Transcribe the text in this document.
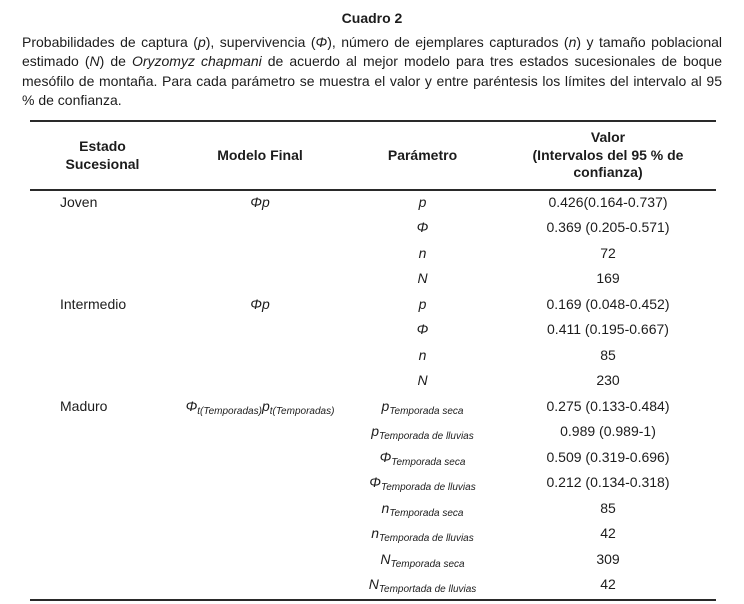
Cuadro 2

Probabilidades de captura (p), supervivencia (Φ), número de ejemplares capturados (n) y tamaño poblacional estimado (N) de Oryzomyz chapmani de acuerdo al mejor modelo para tres estados sucesionales de boque mesófilo de montaña. Para cada parámetro se muestra el valor y entre paréntesis los límites del intervalo al 95 % de confianza.

Estado
Sucesional	Modelo Final	Parámetro	Valor
(Intervalos del 95 % de
confianza)

Joven	Φp	p	0.426(0.164-0.737)
		Φ	0.369 (0.205-0.571)
		n	72
		N	169
Intermedio	Φp	p	0.169 (0.048-0.452)
		Φ	0.411 (0.195-0.667)
		n	85
		N	230
Maduro	$\Phi_{t(Temporadas)}p_{t(Temporadas)}$	$p_{Temporada seca}$	0.275 (0.133-0.484)
		$p_{Temporada de lluvias}$	0.989 (0.989-1)
		$\Phi_{Temporada seca}$	0.509 (0.319-0.696)
		$\Phi_{Temporada de lluvias}$	0.212 (0.134-0.318)
		$n_{Temporada seca}$	85
		$n_{Temporada de lluvias}$	42
		$N_{Temporada seca}$	309
		$N_{Temportada de lluvias}$	42
